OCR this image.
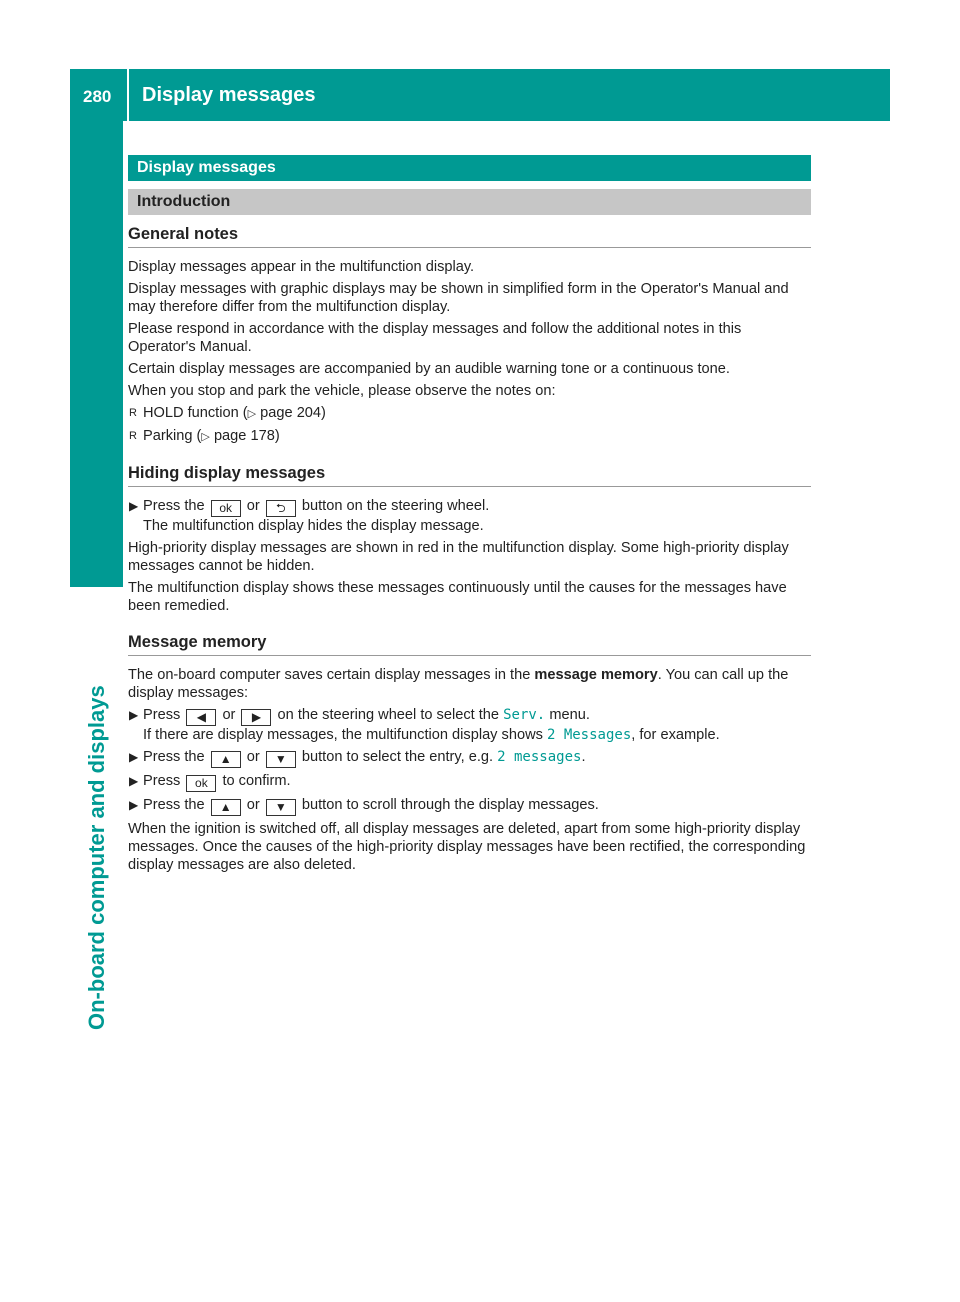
280 Display messages
On-board computer and displays
Display messages
Introduction
General notes

Display messages appear in the multifunction display.

Display messages with graphic displays may be shown in simplified form in the Operator's Manual and may therefore differ from the multifunction display.

Please respond in accordance with the display messages and follow the additional notes in this Operator's Manual.

Certain display messages are accompanied by an audible warning tone or a continuous tone.

When you stop and park the vehicle, please observe the notes on:

R HOLD function (▷ page 204)
R Parking (▷ page 178)
Hiding display messages
▶ Press the ok or ⮌ button on the steering wheel.
The multifunction display hides the display message.

High-priority display messages are shown in red in the multifunction display. Some high-priority display messages cannot be hidden.

The multifunction display shows these messages continuously until the causes for the messages have been remedied.

Message memory

The on-board computer saves certain display messages in the message memory. You can call up the display messages:

▶ Press ◀ or ▶ on the steering wheel to select the Serv. menu.
If there are display messages, the multifunction display shows 2 Messages, for example.
▶ Press the ▲ or ▼ button to select the entry, e.g. 2 messages.
▶ Press ok to confirm.
▶ Press the ▲ or ▼ button to scroll through the display messages.

When the ignition is switched off, all display messages are deleted, apart from some high-priority display messages. Once the causes of the high-priority display messages have been rectified, the corresponding display messages are also deleted.
